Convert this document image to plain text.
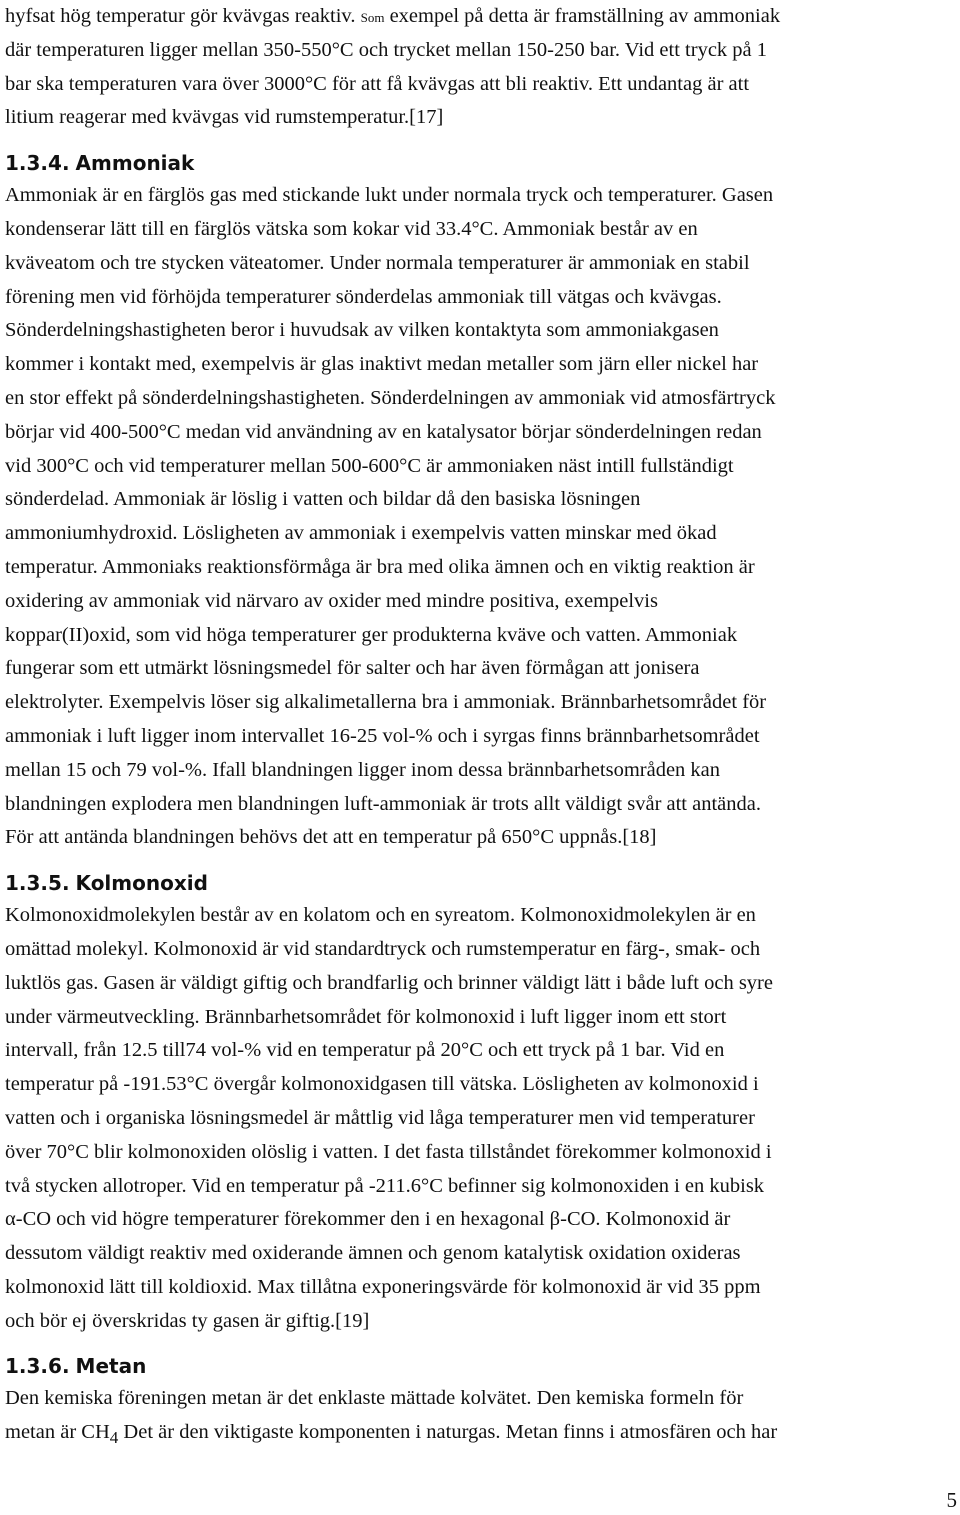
hyfsat hög temperatur gör kvävgas reaktiv. Som exempel på detta är framställning av ammoniak
där temperaturen ligger mellan 350-550°C och trycket mellan 150-250 bar. Vid ett tryck på 1
bar ska temperaturen vara över 3000°C för att få kvävgas att bli reaktiv. Ett undantag är att
litium reagerar med kvävgas vid rumstemperatur.[17]
1.3.4. Ammoniak
Ammoniak är en färglös gas med stickande lukt under normala tryck och temperaturer. Gasen
kondenserar lätt till en färglös vätska som kokar vid 33.4°C. Ammoniak består av en
kväveatom och tre stycken väteatomer. Under normala temperaturer är ammoniak en stabil
förening men vid förhöjda temperaturer sönderdelas ammoniak till vätgas och kvävgas.
Sönderdelningshastigheten beror i huvudsak av vilken kontaktyta som ammoniakgasen
kommer i kontakt med, exempelvis är glas inaktivt medan metaller som järn eller nickel har
en stor effekt på sönderdelningshastigheten. Sönderdelningen av ammoniak vid atmosfärtryck
börjar vid 400-500°C medan vid användning av en katalysator börjar sönderdelningen redan
vid 300°C och vid temperaturer mellan 500-600°C är ammoniaken näst intill fullständigt
sönderdelad. Ammoniak är löslig i vatten och bildar då den basiska lösningen
ammoniumhydroxid. Lösligheten av ammoniak i exempelvis vatten minskar med ökad
temperatur. Ammoniaks reaktionsförmåga är bra med olika ämnen och en viktig reaktion är
oxidering av ammoniak vid närvaro av oxider med mindre positiva, exempelvis
koppar(II)oxid, som vid höga temperaturer ger produkterna kväve och vatten. Ammoniak
fungerar som ett utmärkt lösningsmedel för salter och har även förmågan att jonisera
elektrolyter. Exempelvis löser sig alkalimetallerna bra i ammoniak. Brännbarhetsområdet för
ammoniak i luft ligger inom intervallet 16-25 vol-% och i syrgas finns brännbarhetsområdet
mellan 15 och 79 vol-%. Ifall blandningen ligger inom dessa brännbarhetsområden kan
blandningen explodera men blandningen luft-ammoniak är trots allt väldigt svår att antända.
För att antända blandningen behövs det att en temperatur på 650°C uppnås.[18]
1.3.5. Kolmonoxid
Kolmonoxidmolekylen består av en kolatom och en syreatom. Kolmonoxidmolekylen är en
omättad molekyl. Kolmonoxid är vid standardtryck och rumstemperatur en färg-, smak- och
luktlös gas. Gasen är väldigt giftig och brandfarlig och brinner väldigt lätt i både luft och syre
under värmeutveckling. Brännbarhetsområdet för kolmonoxid i luft ligger inom ett stort
intervall, från 12.5 till74 vol-% vid en temperatur på 20°C och ett tryck på 1 bar. Vid en
temperatur på -191.53°C övergår kolmonoxidgasen till vätska. Lösligheten av kolmonoxid i
vatten och i organiska lösningsmedel är måttlig vid låga temperaturer men vid temperaturer
över 70°C blir kolmonoxiden olöslig i vatten. I det fasta tillståndet förekommer kolmonoxid i
två stycken allotroper. Vid en temperatur på -211.6°C befinner sig kolmonoxiden i en kubisk
α-CO och vid högre temperaturer förekommer den i en hexagonal β-CO. Kolmonoxid är
dessutom väldigt reaktiv med oxiderande ämnen och genom katalytisk oxidation oxideras
kolmonoxid lätt till koldioxid. Max tillåtna exponeringsvärde för kolmonoxid är vid 35 ppm
och bör ej överskridas ty gasen är giftig.[19]
1.3.6. Metan
Den kemiska föreningen metan är det enklaste mättade kolvätet. Den kemiska formeln för
metan är $CH_4$ Det är den viktigaste komponenten i naturgas. Metan finns i atmosfären och har
5
